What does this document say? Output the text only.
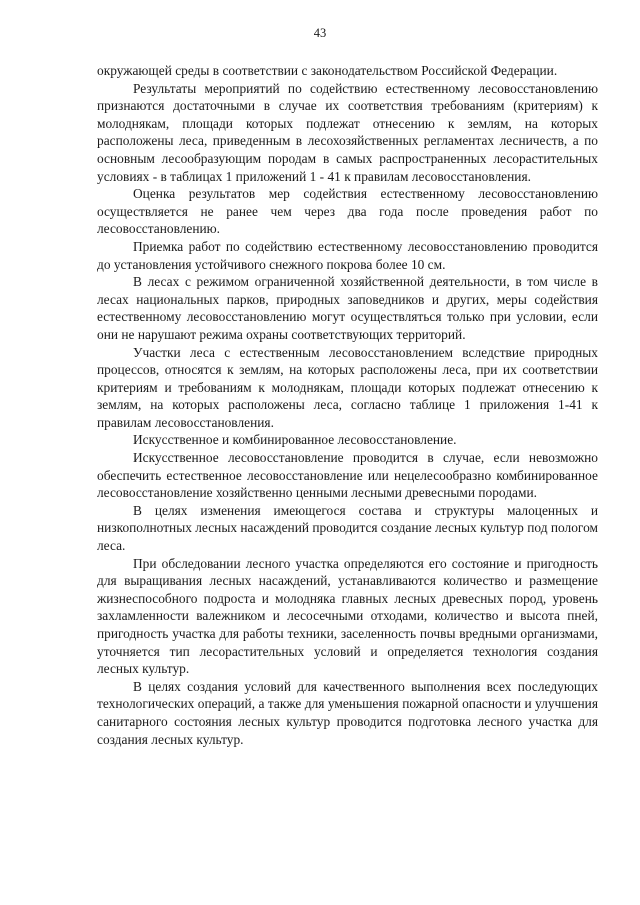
43

окружающей среды в соответствии с законодательством Российской Федерации.

Результаты мероприятий по содействию естественному лесовосстановлению признаются достаточными в случае их соответствия требованиям (критериям) к молоднякам, площади которых подлежат отнесению к землям, на которых расположены леса, приведенным в лесохозяйственных регламентах лесничеств, а по основным лесообразующим породам в самых распространенных лесорастительных условиях - в таблицах 1 приложений 1 - 41 к правилам лесовосстановления.

Оценка результатов мер содействия естественному лесовосстановлению осуществляется не ранее чем через два года после проведения работ по лесовосстановлению.

Приемка работ по содействию естественному лесовосстановлению проводится до установления устойчивого снежного покрова более 10 см.

В лесах с режимом ограниченной хозяйственной деятельности, в том числе в лесах национальных парков, природных заповедников и других, меры содействия естественному лесовосстановлению могут осуществляться только при условии, если они не нарушают режима охраны соответствующих территорий.

Участки леса с естественным лесовосстановлением вследствие природных процессов, относятся к землям, на которых расположены леса, при их соответствии критериям и требованиям к молоднякам, площади которых подлежат отнесению к землям, на которых расположены леса, согласно таблице 1 приложения 1-41 к правилам лесовосстановления.

Искусственное и комбинированное лесовосстановление.

Искусственное лесовосстановление проводится в случае, если невозможно обеспечить естественное лесовосстановление или нецелесообразно комбинированное лесовосстановление хозяйственно ценными лесными древесными породами.

В целях изменения имеющегося состава и структуры малоценных и низкополнотных лесных насаждений проводится создание лесных культур под пологом леса.

При обследовании лесного участка определяются его состояние и пригодность для выращивания лесных насаждений, устанавливаются количество и размещение жизнеспособного подроста и молодняка главных лесных древесных пород, уровень захламленности валежником и лесосечными отходами, количество и высота пней, пригодность участка для работы техники, заселенность почвы вредными организмами, уточняется тип лесорастительных условий и определяется технология создания лесных культур.

В целях создания условий для качественного выполнения всех последующих технологических операций, а также для уменьшения пожарной опасности и улучшения санитарного состояния лесных культур проводится подготовка лесного участка для создания лесных культур.
